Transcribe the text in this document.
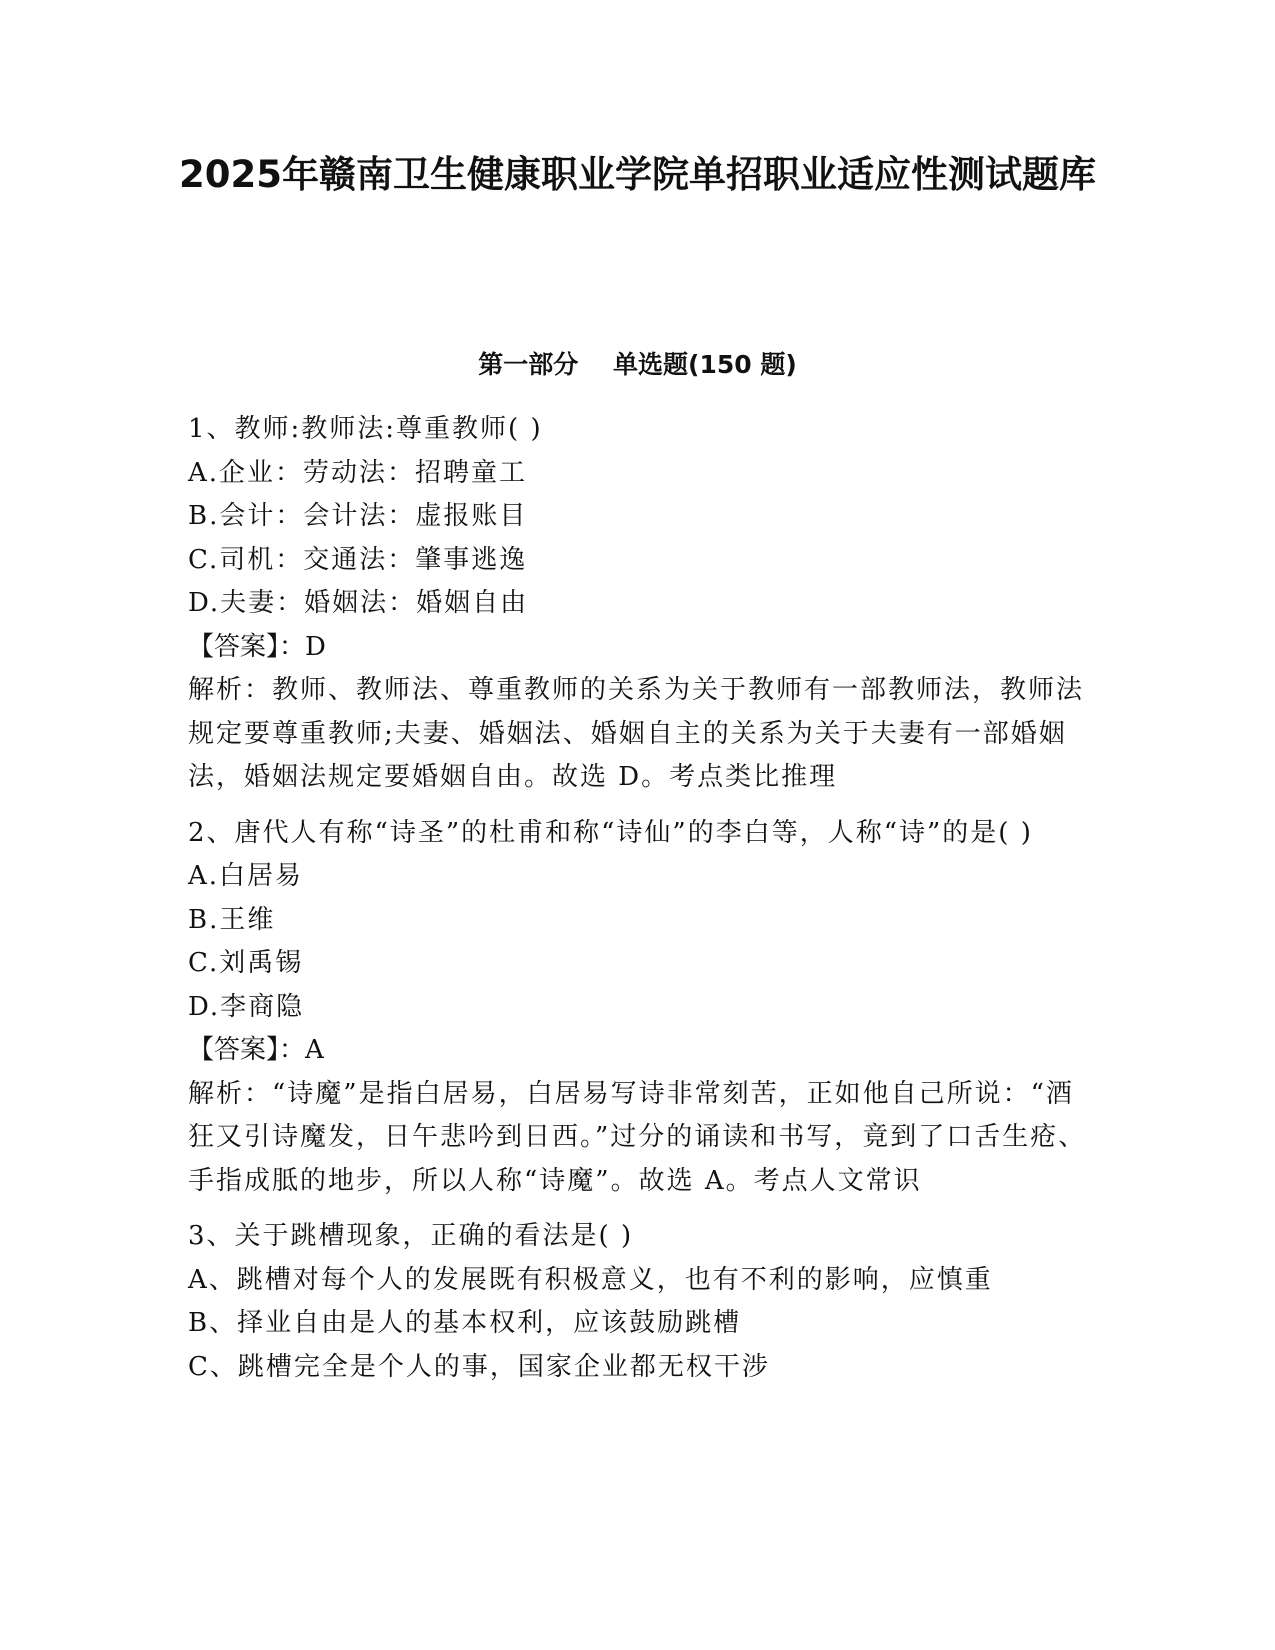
2025年赣南卫生健康职业学院单招职业适应性测试题库
第一部分    单选题(150 题)

1、教师:教师法:尊重教师( )

A.企业：劳动法：招聘童工

B.会计：会计法：虚报账目

C.司机：交通法：肇事逃逸

D.夫妻：婚姻法：婚姻自由

【答案】：D

解析：教师、教师法、尊重教师的关系为关于教师有一部教师法，教师法规定要尊重教师;夫妻、婚姻法、婚姻自主的关系为关于夫妻有一部婚姻法，婚姻法规定要婚姻自由。故选 D。考点类比推理

2、唐代人有称“诗圣”的杜甫和称“诗仙”的李白等，人称“诗”的是( )

A.白居易

B.王维

C.刘禹锡

D.李商隐

【答案】：A

解析：“诗魔”是指白居易，白居易写诗非常刻苦，正如他自己所说：“酒狂又引诗魔发，日午悲吟到日西。”过分的诵读和书写，竟到了口舌生疮、手指成胝的地步，所以人称“诗魔”。故选 A。考点人文常识

3、关于跳槽现象，正确的看法是( )

A、跳槽对每个人的发展既有积极意义，也有不利的影响，应慎重

B、择业自由是人的基本权利，应该鼓励跳槽

C、跳槽完全是个人的事，国家企业都无权干涉
